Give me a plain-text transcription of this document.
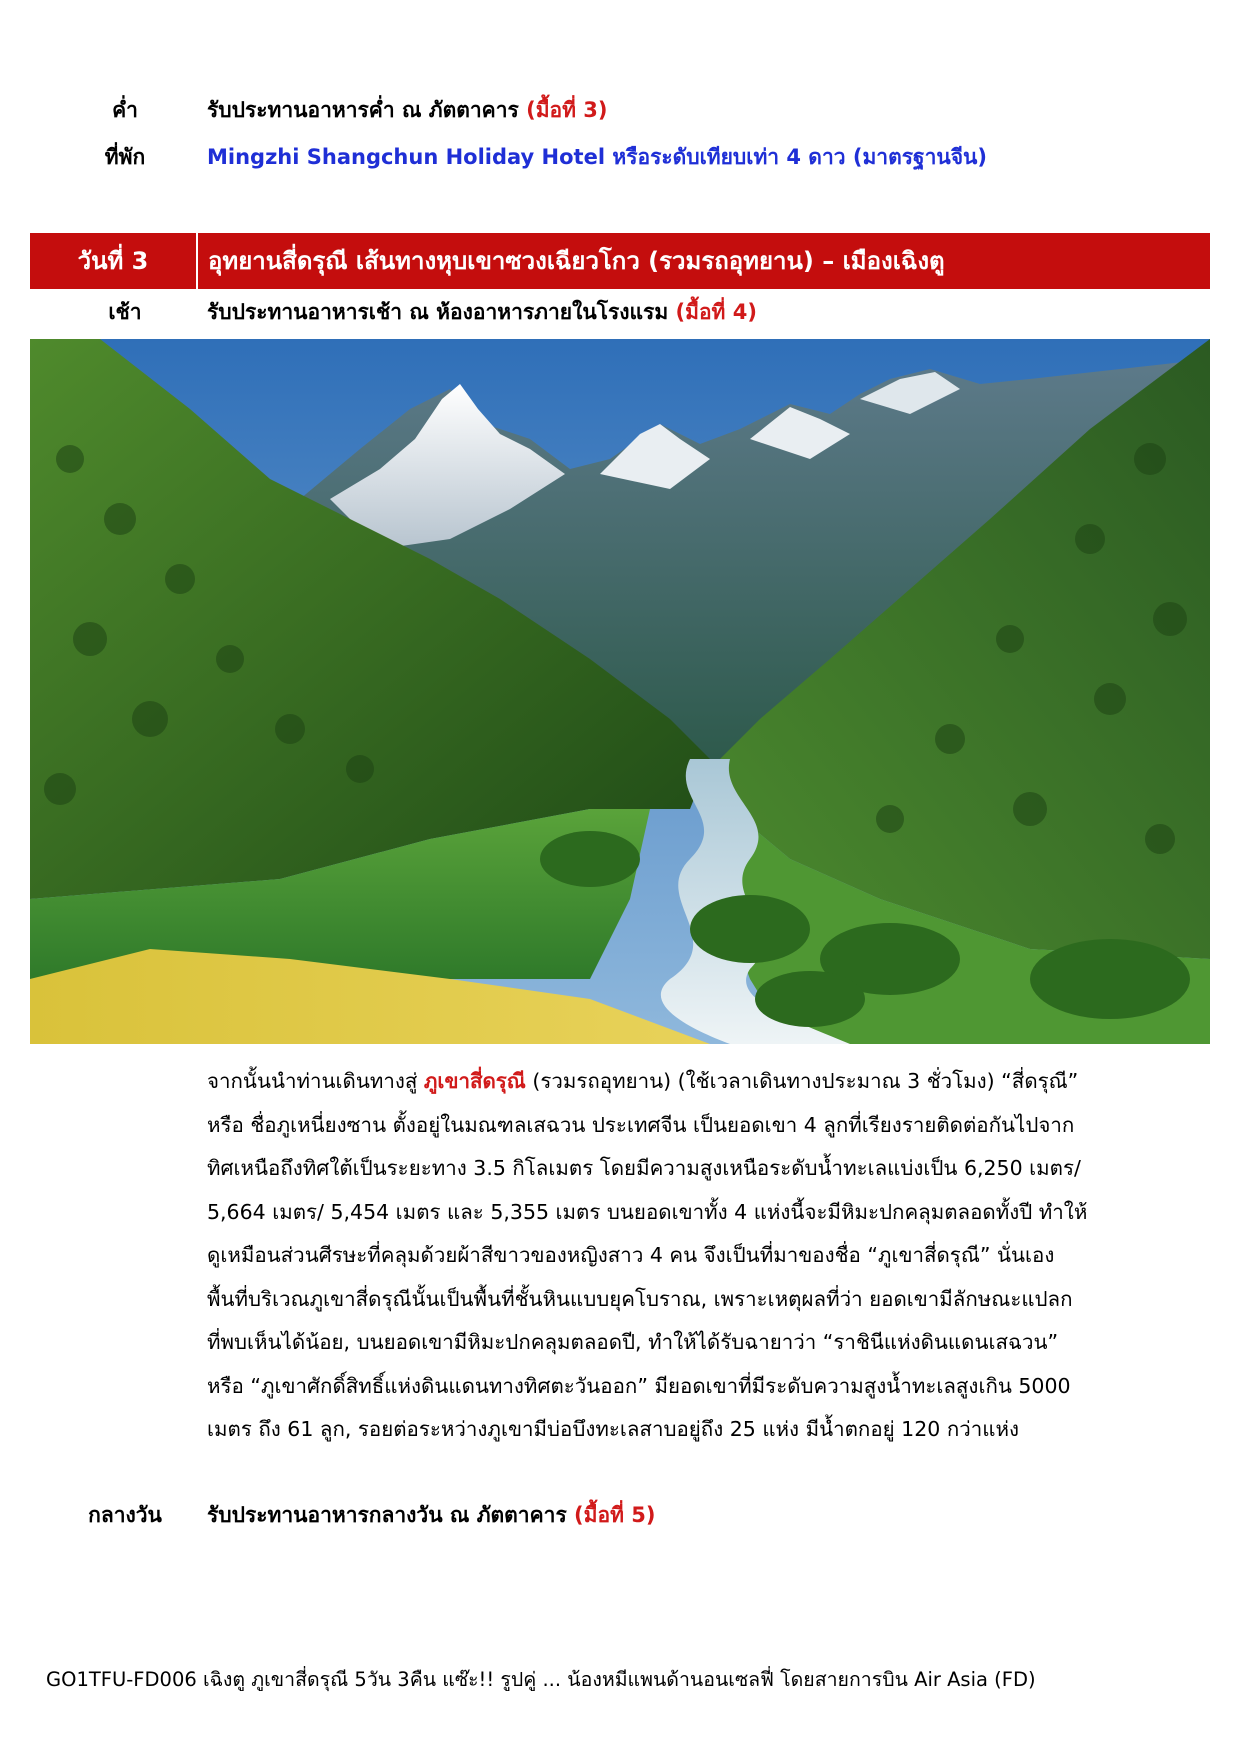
ค่ำ	รับประทานอาหารค่ำ ณ ภัตตาคาร (มื้อที่ 3)
ที่พัก	Mingzhi Shangchun Holiday Hotel หรือระดับเทียบเท่า 4 ดาว (มาตรฐานจีน)
วันที่ 3	อุทยานสี่ดรุณี เส้นทางหุบเขาซวงเฉียวโกว (รวมรถอุทยาน) – เมืองเฉิงตู
เช้า	รับประทานอาหารเช้า ณ ห้องอาหารภายในโรงแรม (มื้อที่ 4)

จากนั้นนำท่านเดินทางสู่ ภูเขาสี่ดรุณี (รวมรถอุทยาน) (ใช้เวลาเดินทางประมาณ 3 ชั่วโมง) “สี่ดรุณี”

หรือ ชื่อภูเหนี่ยงซาน ตั้งอยู่ในมณฑลเสฉวน ประเทศจีน เป็นยอดเขา 4 ลูกที่เรียงรายติดต่อกันไปจาก

ทิศเหนือถึงทิศใต้เป็นระยะทาง 3.5 กิโลเมตร โดยมีความสูงเหนือระดับน้ำทะเลแบ่งเป็น 6,250 เมตร/

5,664 เมตร/ 5,454 เมตร และ 5,355 เมตร บนยอดเขาทั้ง 4 แห่งนี้จะมีหิมะปกคลุมตลอดทั้งปี ทำให้

ดูเหมือนส่วนศีรษะที่คลุมด้วยผ้าสีขาวของหญิงสาว 4 คน จึงเป็นที่มาของชื่อ “ภูเขาสี่ดรุณี” นั่นเอง

พื้นที่บริเวณภูเขาสี่ดรุณีนั้นเป็นพื้นที่ชั้นหินแบบยุคโบราณ, เพราะเหตุผลที่ว่า ยอดเขามีลักษณะแปลก

ที่พบเห็นได้น้อย, บนยอดเขามีหิมะปกคลุมตลอดปี, ทำให้ได้รับฉายาว่า “ราชินีแห่งดินแดนเสฉวน”

หรือ “ภูเขาศักดิ์สิทธิ์แห่งดินแดนทางทิศตะวันออก” มียอดเขาที่มีระดับความสูงน้ำทะเลสูงเกิน 5000

เมตร ถึง 61 ลูก, รอยต่อระหว่างภูเขามีบ่อบึงทะเลสาบอยู่ถึง 25 แห่ง มีน้ำตกอยู่ 120 กว่าแห่ง

กลางวัน	รับประทานอาหารกลางวัน ณ ภัตตาคาร (มื้อที่ 5)
GO1TFU-FD006 เฉิงตู ภูเขาสี่ดรุณี 5วัน 3คืน แซ๊ะ!! รูปคู่ ... น้องหมีแพนด้านอนเซลฟี่ โดยสายการบิน Air Asia (FD)
